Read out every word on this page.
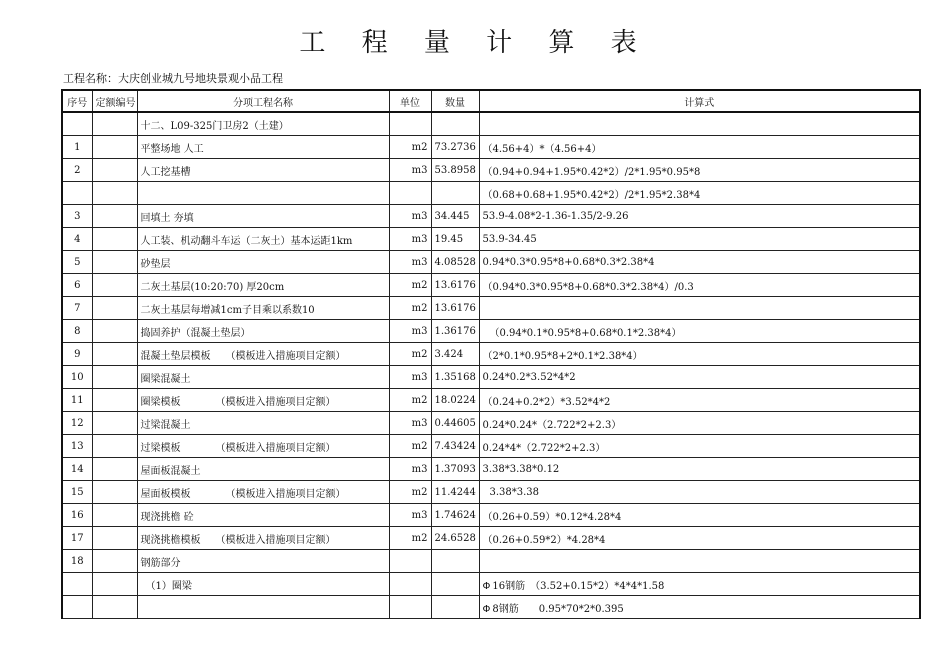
工 程 量 计 算 表
工程名称：大庆创业城九号地块景观小品工程
序号	定额编号	分项工程名称	单位	数量	计算式
		十二、L09-325门卫房2（土建）			
1		平整场地 人工	m2	73.2736	（4.56+4）*（4.56+4）
2		人工挖基槽	m3	53.8958	（0.94+0.94+1.95*0.42*2）/2*1.95*0.95*8
					（0.68+0.68+1.95*0.42*2）/2*1.95*2.38*4
3		回填土 夯填	m3	34.445	53.9-4.08*2-1.36-1.35/2-9.26
4		人工装、机动翻斗车运（二灰土）基本运距1km	m3	19.45	53.9-34.45
5		砂垫层	m3	4.08528	0.94*0.3*0.95*8+0.68*0.3*2.38*4
6		二灰土基层(10:20:70) 厚20cm	m2	13.6176	（0.94*0.3*0.95*8+0.68*0.3*2.38*4）/0.3
7		二灰土基层每增减1cm子目乘以系数10	m2	13.6176	
8		捣固养护（混凝土垫层）	m3	1.36176	（0.94*0.1*0.95*8+0.68*0.1*2.38*4）
9		混凝土垫层模板　　（模板进入措施项目定额）	m2	3.424	（2*0.1*0.95*8+2*0.1*2.38*4）
10		圈梁混凝土	m3	1.35168	0.24*0.2*3.52*4*2
11		圈梁模板　　　　（模板进入措施项目定额）	m2	18.0224	（0.24+0.2*2）*3.52*4*2
12		过梁混凝土	m3	0.44605	0.24*0.24*（2.722*2+2.3）
13		过梁模板　　　　（模板进入措施项目定额）	m2	7.43424	0.24*4*（2.722*2+2.3）
14		屋面板混凝土	m3	1.37093	3.38*3.38*0.12
15		屋面板模板　　　　（模板进入措施项目定额）	m2	11.4244	3.38*3.38
16		现浇挑檐 砼	m3	1.74624	（0.26+0.59）*0.12*4.28*4
17		现浇挑檐模板　　（模板进入措施项目定额）	m2	24.6528	（0.26+0.59*2）*4.28*4
18		钢筋部分			
		（1）圈梁			Φ 16钢筋　（3.52+0.15*2）*4*4*1.58
					Φ 8钢筋　　0.95*70*2*0.395
